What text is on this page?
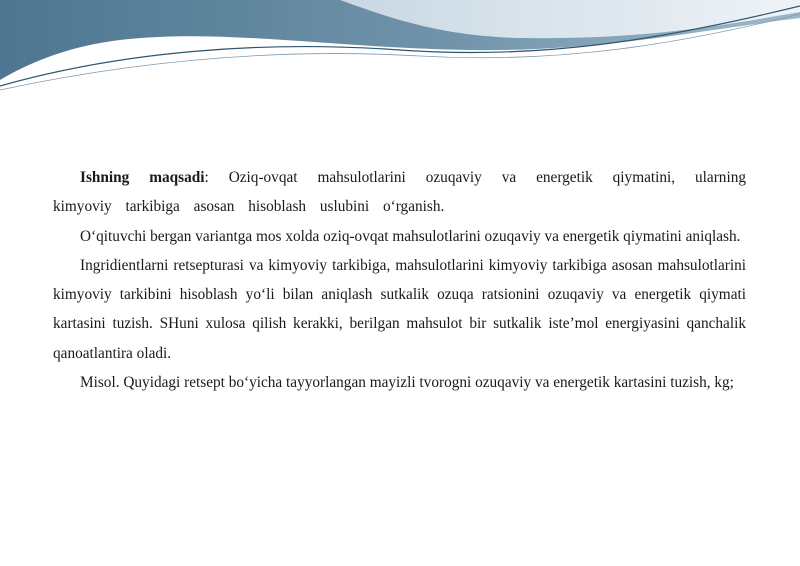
Ishning maqsadi: Oziq-ovqat mahsulotlarini ozuqaviy va energetik qiymatini, ularning kimyoviy tarkibiga asosan hisoblash uslubini o‘rganish.

O‘qituvchi bergan variantga mos xolda oziq-ovqat mahsulotlarini ozuqaviy va energetik qiymatini aniqlash.

Ingridientlarni retsepturasi va kimyoviy tarkibiga, mahsulotlarini kimyoviy tarkibiga asosan mahsulotlarini kimyoviy tarkibini hisoblash yo‘li bilan aniqlash sutkalik ozuqa ratsionini ozuqaviy va energetik qiymati kartasini tuzish. SHuni xulosa qilish kerakki, berilgan mahsulot bir sutkalik iste’mol energiyasini qanchalik qanoatlantira oladi.

Misol. Quyidagi retsept bo‘yicha tayyorlangan mayizli tvorogni ozuqaviy va energetik kartasini tuzish, kg;
